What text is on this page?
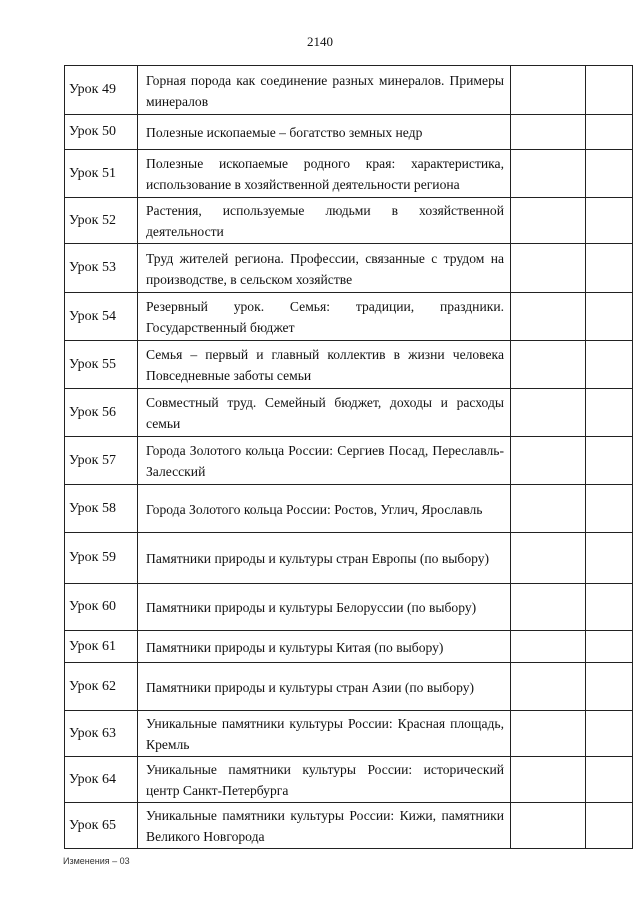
2140
Урок 49	Горная порода как соединение разных минералов. Примеры минералов		
Урок 50	Полезные ископаемые – богатство земных недр		
Урок 51	Полезные ископаемые родного края: характеристика, использование в хозяйственной деятельности региона		
Урок 52	Растения, используемые людьми в хозяйственной деятельности		
Урок 53	Труд жителей региона. Профессии, связанные с трудом на производстве, в сельском хозяйстве		
Урок 54	Резервный урок. Семья: традиции, праздники. Государственный бюджет		
Урок 55	Семья – первый и главный коллектив в жизни человека Повседневные заботы семьи		
Урок 56	Совместный труд. Семейный бюджет, доходы и расходы семьи		
Урок 57	Города Золотого кольца России: Сергиев Посад, Переславль-Залесский		
Урок 58	Города Золотого кольца России: Ростов, Углич, Ярославль		
Урок 59	Памятники природы и культуры стран Европы (по выбору)		
Урок 60	Памятники природы и культуры Белоруссии (по выбору)		
Урок 61	Памятники природы и культуры Китая (по выбору)		
Урок 62	Памятники природы и культуры стран Азии (по выбору)		
Урок 63	Уникальные памятники культуры России: Красная площадь, Кремль		
Урок 64	Уникальные памятники культуры России: исторический центр Санкт-Петербурга		
Урок 65	Уникальные памятники культуры России: Кижи, памятники Великого Новгорода		
Изменения – 03
